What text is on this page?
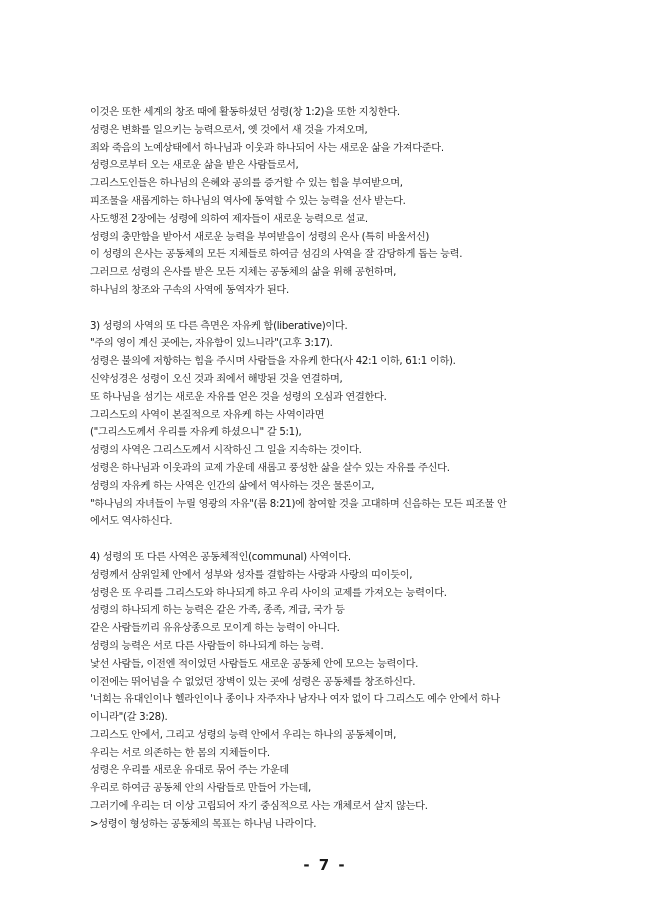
이것은 또한 세계의 창조 때에 활동하셨던 성령(창 1:2)을 또한 지칭한다.
성령은 변화를 일으키는 능력으로서, 옛 것에서 새 것을 가져오며,
죄와 죽음의 노예상태에서 하나님과 이웃과 하나되어 사는 새로운 삶을 가져다준다.
성령으로부터 오는 새로운 삶을 받은 사람들로서,
그리스도인들은 하나님의 은혜와 공의를 증거할 수 있는 힘을 부여받으며,
피조물을 새롭게하는 하나님의 역사에 동역할 수 있는 능력을 선사 받는다.
사도행전 2장에는 성령에 의하여 제자들이 새로운 능력으로 설교.
성령의 충만함을 받아서 새로운 능력을 부여받음이 성령의 은사 (특히 바울서신)
이 성령의 은사는 공동체의 모든 지체들로 하여금 섬김의 사역을 잘 감당하게 돕는 능력.
그러므로 성령의 은사를 받은 모든 지체는 공동체의 삶을 위해 공헌하며,
하나님의 창조와 구속의 사역에 동역자가 된다.
3) 성령의 사역의 또 다른 측면은 자유케 함(liberative)이다.
"주의 영이 계신 곳에는, 자유함이 있느니라"(고후 3:17).
성령은 불의에 저항하는 힘을 주시며 사람들을 자유케 한다(사 42:1 이하, 61:1 이하).
신약성경은 성령이 오신 것과 죄에서 해방된 것을 연결하며,
또 하나님을 섬기는 새로운 자유를 얻은 것을 성령의 오심과 연결한다.
그리스도의 사역이 본질적으로 자유케 하는 사역이라면
("그리스도께서 우리를 자유케 하셨으니" 갈 5:1),
성령의 사역은 그리스도께서 시작하신 그 일을 지속하는 것이다.
성령은 하나님과 이웃과의 교제 가운데 새롭고 풍성한 삶을 살수 있는 자유를 주신다.
성령의 자유케 하는 사역은 인간의 삶에서 역사하는 것은 물론이고,
"하나님의 자녀들이 누릴 영광의 자유"(롬 8:21)에 참여할 것을 고대하며 신음하는 모든 피조물 안
에서도 역사하신다.
4) 성령의 또 다른 사역은 공동체적인(communal) 사역이다.
성령께서 삼위일체 안에서 성부와 성자를 결합하는 사랑과 사랑의 띠이듯이,
성령은 또 우리를 그리스도와 하나되게 하고 우리 사이의 교제를 가져오는 능력이다.
성령의 하나되게 하는 능력은 같은 가족, 종족, 계급, 국가 등
같은 사람들끼리 유유상종으로 모이게 하는 능력이 아니다.
성령의 능력은 서로 다른 사람들이 하나되게 하는 능력.
낯선 사람들, 이전엔 적이었던 사람들도 새로운 공동체 안에 모으는 능력이다.
이전에는 뛰어넘을 수 없었던 장벽이 있는 곳에 성령은 공동체를 창조하신다.
'너희는 유대인이나 헬라인이나 종이나 자주자나 남자나 여자 없이 다 그리스도 예수 안에서 하나
이니라"(갈 3:28).
그리스도 안에서, 그리고 성령의 능력 안에서 우리는 하나의 공동체이며,
우리는 서로 의존하는 한 몸의 지체들이다.
성령은 우리를 새로운 유대로 묶어 주는 가운데
우리로 하여금 공동체 안의 사람들로 만들어 가는데,
그러기에 우리는 더 이상 고립되어 자기 중심적으로 사는 개체로서 살지 않는다.
>성령이 형성하는 공동체의 목표는 하나님 나라이다.
- 7 -
